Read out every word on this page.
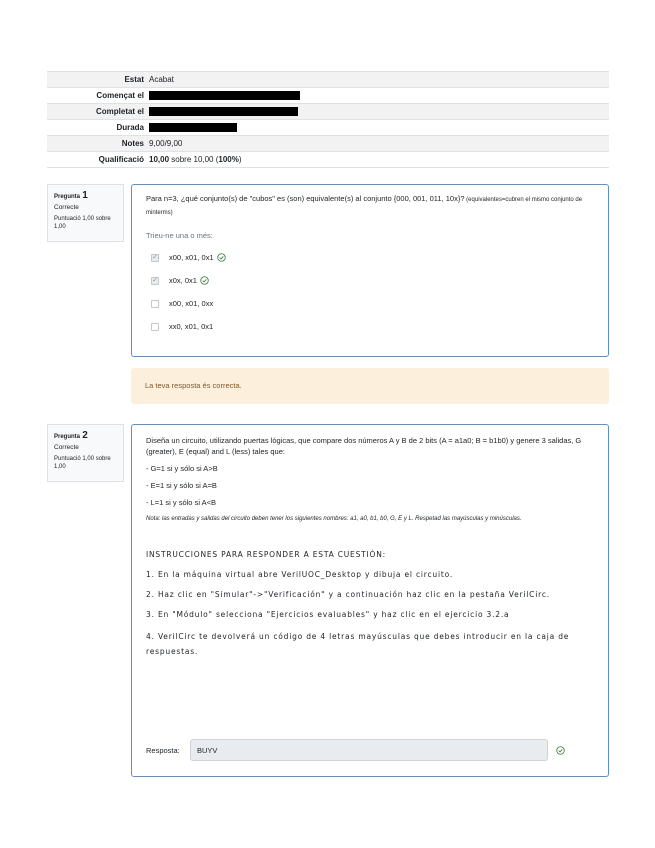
Estat Acabat
Començat el
Completat el
Durada
Notes 9,00/9,00
Qualificació 10,00 sobre 10,00 ( 100% )
Pregunta 1
Correcte
Puntuació 1,00 sobre 1,00
Para n=3, ¿qué conjunto(s) de "cubos" es (son) equivalente(s) al conjunto {000, 001, 011, 10x}? (equivalentes=cubren el mismo conjunto de minterms)
Trieu-ne una o més:
✓ x00, x01, 0x1
✓ x0x, 0x1
x00, x01, 0xx
xx0, x01, 0x1
La teva resposta és correcta.
Pregunta 2
Correcte
Puntuació 1,00 sobre 1,00
Diseña un circuito, utilizando puertas lógicas, que compare dos números A y B de 2 bits (A = a1a0; B = b1b0) y genere 3 salidas, G (greater), E (equal) and L (less) tales que:
- G=1 si y sólo si A>B
- E=1 si y sólo si A=B
- L=1 si y sólo si A<B
Nota: las entradas y salidas del circuito deben tener los siguientes nombres: a1, a0, b1, b0, G, E y L. Respetad las mayúsculas y minúsculas.
INSTRUCCIONES PARA RESPONDER A ESTA CUESTIÓN:
1. En la máquina virtual abre VerilUOC_Desktop y dibuja el circuito.
2. Haz clic en "Simular"->"Verificación" y a continuación haz clic en la pestaña VerilCirc.
3. En "Módulo" selecciona "Ejercicios evaluables" y haz clic en el ejercicio 3.2.a
4. VerilCirc te devolverá un código de 4 letras mayúsculas que debes introducir en la caja de respuestas.
Resposta:
BUYV
